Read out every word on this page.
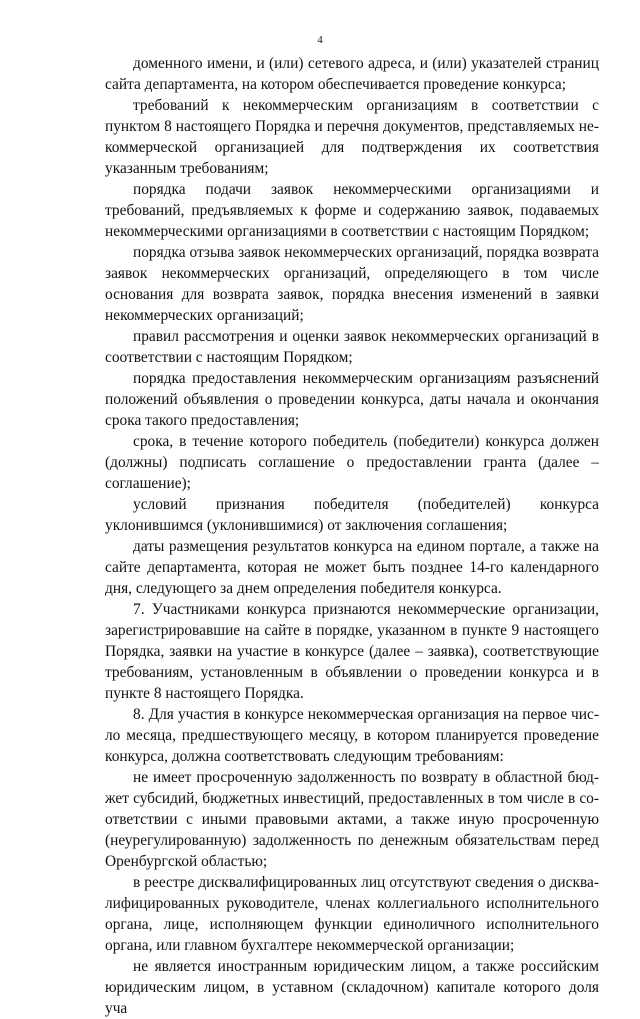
4

доменного имени, и (или) сетевого адреса, и (или) указателей страниц сайта департамента, на котором обеспечивается проведение конкурса;

требований к некоммерческим организациям в соответствии с пунктом 8 настоящего Порядка и перечня документов, представляемых некоммерческой организацией для подтверждения их соответствия указанным требованиям;

порядка подачи заявок некоммерческими организациями и требований, предъявляемых к форме и содержанию заявок, подаваемых некоммерческими организациями в соответствии с настоящим Порядком;

порядка отзыва заявок некоммерческих организаций, порядка возврата заявок некоммерческих организаций, определяющего в том числе основания для возврата заявок, порядка внесения изменений в заявки некоммерческих организаций;

правил рассмотрения и оценки заявок некоммерческих организаций в соответствии с настоящим Порядком;

порядка предоставления некоммерческим организациям разъяснений положений объявления о проведении конкурса, даты начала и окончания срока такого предоставления;

срока, в течение которого победитель (победители) конкурса должен (должны) подписать соглашение о предоставлении гранта (далее – соглашение);

условий признания победителя (победителей) конкурса уклонившимся (уклонившимися) от заключения соглашения;

даты размещения результатов конкурса на едином портале, а также на сайте департамента, которая не может быть позднее 14-го календарного дня, следующего за днем определения победителя конкурса.

7. Участниками конкурса признаются некоммерческие организации, зарегистрировавшие на сайте в порядке, указанном в пункте 9 настоящего Порядка, заявки на участие в конкурсе (далее – заявка), соответствующие требованиям, установленным в объявлении о проведении конкурса и в пункте 8 настоящего Порядка.

8. Для участия в конкурсе некоммерческая организация на первое число месяца, предшествующего месяцу, в котором планируется проведение конкурса, должна соответствовать следующим требованиям:

не имеет просроченную задолженность по возврату в областной бюджет субсидий, бюджетных инвестиций, предоставленных в том числе в соответствии с иными правовыми актами, а также иную просроченную (неурегулированную) задолженность по денежным обязательствам перед Оренбургской областью;

в реестре дисквалифицированных лиц отсутствуют сведения о дисквалифицированных руководителе, членах коллегиального исполнительного органа, лице, исполняющем функции единоличного исполнительного органа, или главном бухгалтере некоммерческой организации;

не является иностранным юридическим лицом, а также российским юридическим лицом, в уставном (складочном) капитале которого доля уча
